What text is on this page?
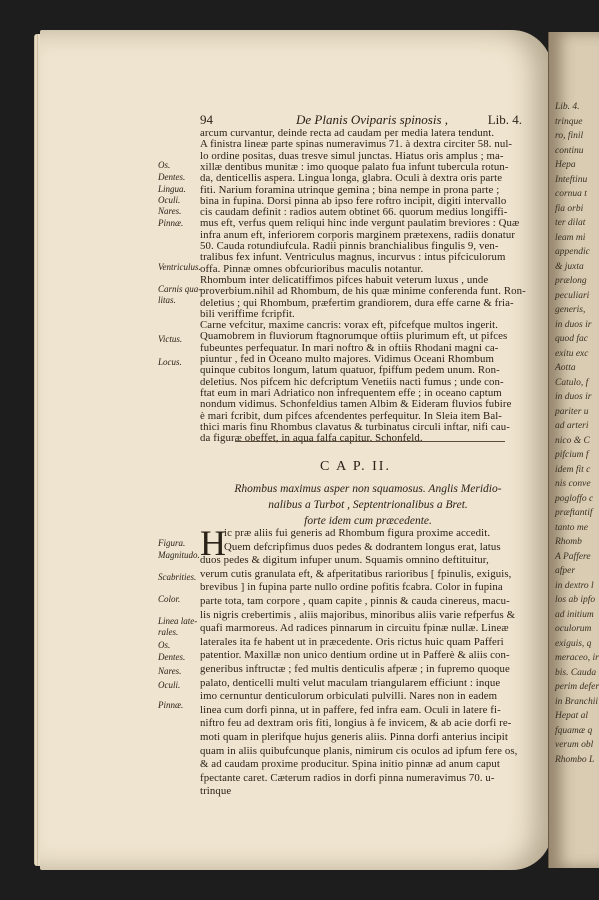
Lib. 4.
trinque
ro, finil
continu
Hepa
Inteftinu
cornua t
fia orbi
ter dilat
leam mi
appendic
& juxta
prælong
peculiari
generis,
in duos ir
quod fac
exitu exc
Aotta
Catulo, f
in duos ir
pariter u
ad arteri
nico & C
pifcium f
idem fit c
nis conve
pogloffo c
præftantif
tanto me
Rhomb
A Paffere
afper
in dextro l
los ab ipfo
ad initium
oculorum
exiguis, q
meraceo, ir
bis. Cauda
perim defer
in Branchii
Hepat al
fquamæ q
verum obl
Rhombo L
94	De Planis Oviparis spinosis ,	Lib. 4.
arcum curvantur, deinde recta ad caudam per media latera tendunt.
A finistra lineæ parte spinas numeravimus 71. à dextra circiter 58. nul-
lo ordine positas, duas tresve simul junctas. Hiatus oris amplus ; ma-
xillæ dentibus munitæ : imo quoque palato fua infunt tubercula rotun-
da, denticellis aspera. Lingua longa, glabra. Oculi à dextra oris parte
fiti. Narium foramina utrinque gemina ; bina nempe in prona parte ;
bina in fupina. Dorsi pinna ab ipso fere roftro incipit, digiti intervallo
cis caudam definit : radios autem obtinet 66. quorum medius longiffi-
mus eft, verfus quem reliqui hinc inde vergunt paulatim breviores : Quæ
infra anum eft, inferiorem corporis marginem prætexens, radiis donatur
50. Cauda rotundiufcula. Radii pinnis branchialibus fingulis 9, ven-
tralibus fex infunt. Ventriculus magnus, incurvus : intus pifciculorum
offa. Pinnæ omnes obfcurioribus maculis notantur.
Rhombum inter delicatiffimos pifces habuit veterum luxus , unde
proverbium.nihil ad Rhombum, de his quæ minime conferenda funt. Ron-
deletius ; qui Rhombum, præfertim grandiorem, dura effe carne & fria-
bili veriffime fcripfit.
Carne vefcitur, maxime cancris: vorax eft, pifcefque multos ingerit.
Quamobrem in fluviorum ftagnorumque oftiis plurimum eft, ut pifces
fubeuntes perfequatur. In mari noftro & in oftiis Rhodani magni ca-
piuntur , fed in Oceano multo majores. Vidimus Oceani Rhombum
quinque cubitos longum, latum quatuor, fpiffum pedem unum. Ron-
deletius. Nos pifcem hic defcriptum Venetiis nacti fumus ; unde con-
ftat eum in mari Adriatico non infrequentem effe ; in oceano captum
nondum vidimus. Schonfeldius tamen Albim & Eideram fluvios fubire
è mari fcribit, dum pifces afcendentes perfequitur. In Sleia item Bal-
thici maris finu Rhombus clavatus & turbinatus circuli inftar, nifi cau-
da figuræ obeffet, in aqua falfa capitur. Schonfeld.
Os.
Dentes.
Lingua.
Oculi.
Nares.
Pinnæ.
Ventriculus.
Carnis qua-
litas.
Victus.
Locus.
C A P. II.
Rhombus maximus asper non squamosus. Anglis Meridio-
nalibus a Turbot , Septentrionalibus a Bret.
forte idem cum præcedente.
H
ic præ aliis fui generis ad Rhombum figura proxime accedit.
Quem defcripfimus duos pedes & dodrantem longus erat, latus
duos pedes & digitum infuper unum. Squamis omnino deftituitur,
verum cutis granulata eft, & afperitatibus rarioribus [ fpinulis, exiguis,
brevibus ] in fupina parte nullo ordine pofitis fcabra. Color in fupina
parte tota, tam corpore , quam capite , pinnis & cauda cinereus, macu-
lis nigris crebertimis , aliis majoribus, minoribus aliis varie refperfus &
quafi marmoreus. Ad radices pinnarum in circuitu fpinæ nullæ. Lineæ
laterales ita fe habent ut in præcedente. Oris rictus huic quam Pafferi
patentior. Maxillæ non unico dentium ordine ut in Pafferè & aliis con-
generibus inftructæ ; fed multis denticulis afperæ ; in fupremo quoque
palato, denticelli multi velut maculam triangularem efficiunt : inque
imo cernuntur denticulorum orbiculati pulvilli. Nares non in eadem
linea cum dorfi pinna, ut in paffere, fed infra eam. Oculi in latere fi-
niftro feu ad dextram oris fiti, longius à fe invicem, & ab acie dorfi re-
moti quam in plerifque hujus generis aliis. Pinna dorfi anterius incipit
quam in aliis quibufcunque planis, nimirum cis oculos ad ipfum fere os,
& ad caudam proxime producitur. Spina initio pinnæ ad anum caput
fpectante caret. Cæterum radios in dorfi pinna numeravimus 70. u-
trinque
Figura.
Magnitudo.
Scabrities.
Color.
Linea late-
rales.
Os.
Dentes.
Nares.
Oculi.
Pinnæ.
